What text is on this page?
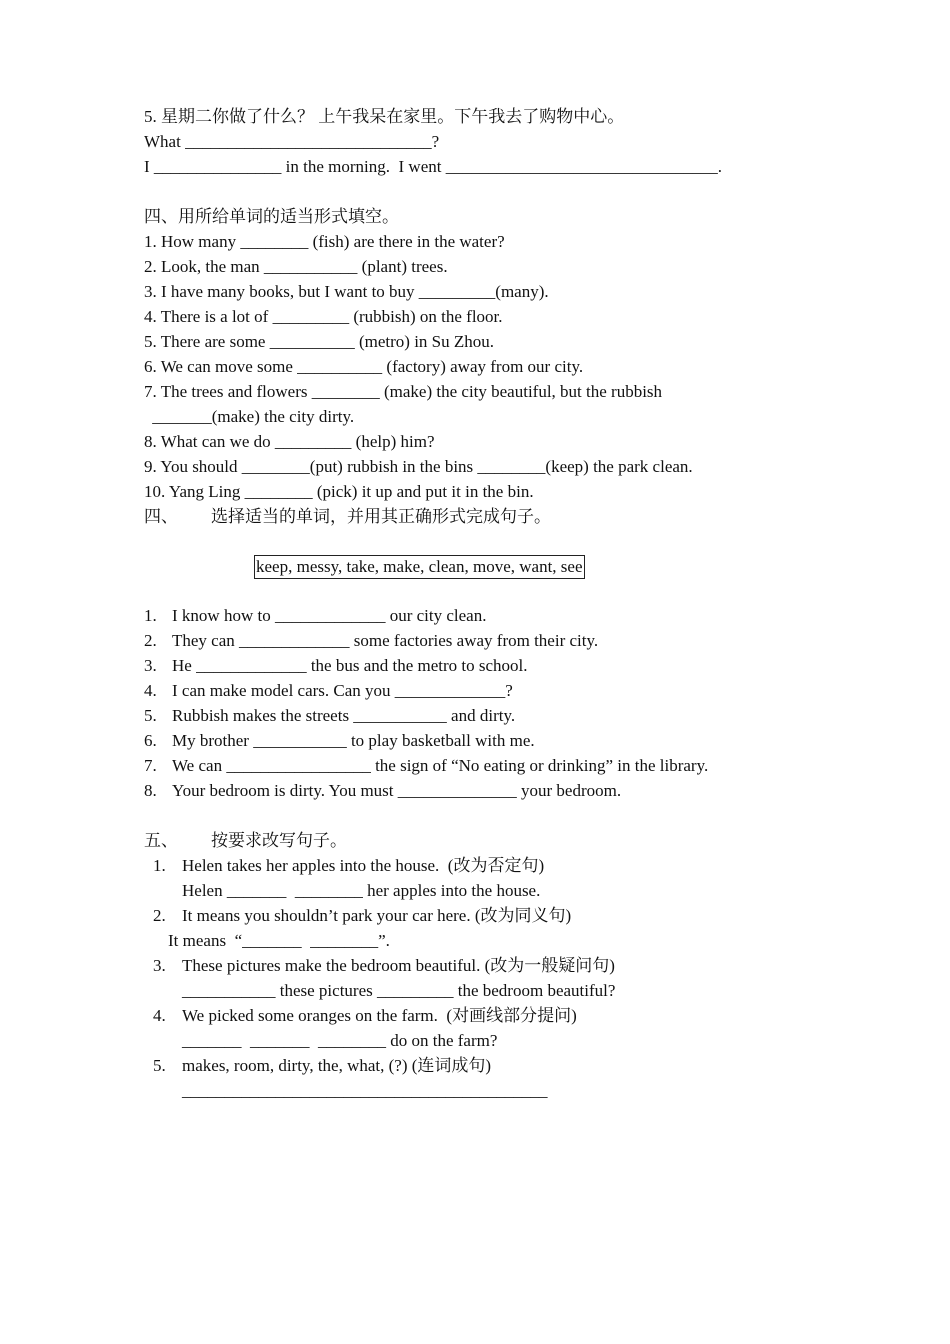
5. 星期二你做了什么？ 上午我呆在家里。下午我去了购物中心。
What _____________________________?
I _______________ in the morning.  I went ________________________________.
四、用所给单词的适当形式填空。
1. How many ________ (fish) are there in the water?
2. Look, the man ___________ (plant) trees.
3. I have many books, but I want to buy _________(many).
4. There is a lot of _________ (rubbish) on the floor.
5. There are some __________ (metro) in Su Zhou.
6. We can move some __________ (factory) away from our city.
7. The trees and flowers ________ (make) the city beautiful, but the rubbish
_______(make) the city dirty.
8. What can we do _________ (help) him?
9. You should ________(put) rubbish in the bins ________(keep) the park clean.
10. Yang Ling ________ (pick) it up and put it in the bin.
四、 选择适当的单词，并用其正确形式完成句子。
keep, messy, take, make, clean, move, want, see
1. I know how to _____________ our city clean.
2. They can _____________ some factories away from their city.
3. He _____________ the bus and the metro to school.
4. I can make model cars. Can you _____________?
5. Rubbish makes the streets ___________ and dirty.
6. My brother ___________ to play basketball with me.
7. We can _________________ the sign of “No eating or drinking” in the library.
8. Your bedroom is dirty. You must ______________ your bedroom.
五、 按要求改写句子。
1. Helen takes her apples into the house.  (改为否定句)
Helen _______  ________ her apples into the house.
2. It means you shouldn’t park your car here. (改为同义句)
It means  “_______  ________”.
3. These pictures make the bedroom beautiful. (改为一般疑问句)
___________ these pictures _________ the bedroom beautiful?
4. We picked some oranges on the farm.  (对画线部分提问)
_______  _______  ________ do on the farm?
5. makes, room, dirty, the, what, (?) (连词成句)
___________________________________________
